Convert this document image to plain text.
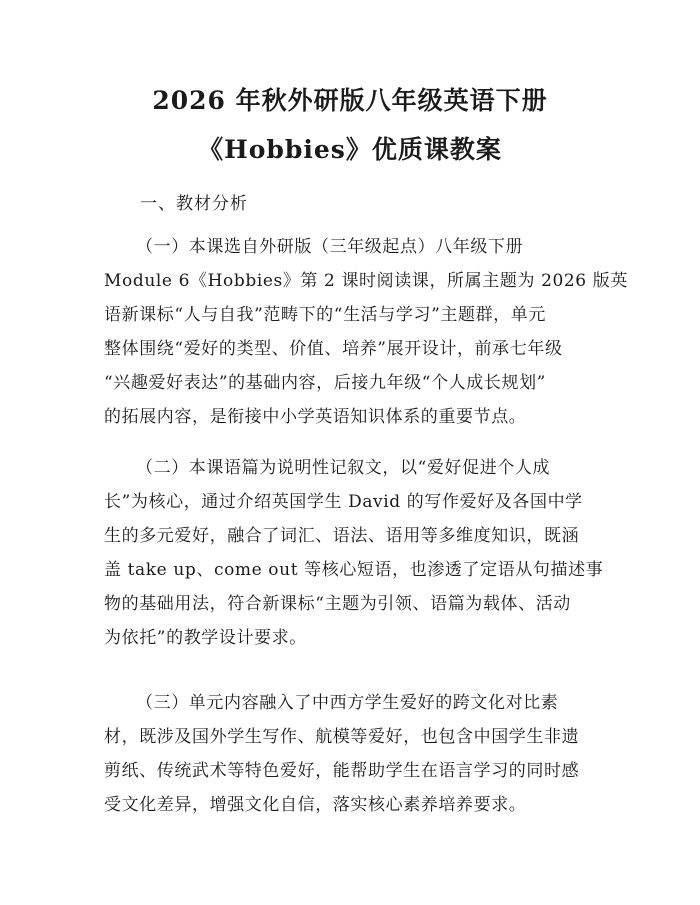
2026 年秋外研版八年级英语下册
《Hobbies》优质课教案
一、教材分析
（一）本课选自外研版（三年级起点）八年级下册
Module 6《Hobbies》第 2 课时阅读课，所属主题为 2026 版英
语新课标“人与自我”范畴下的“生活与学习”主题群，单元
整体围绕“爱好的类型、价值、培养”展开设计，前承七年级
“兴趣爱好表达”的基础内容，后接九年级“个人成长规划”
的拓展内容，是衔接中小学英语知识体系的重要节点。
（二）本课语篇为说明性记叙文，以“爱好促进个人成
长”为核心，通过介绍英国学生 David 的写作爱好及各国中学
生的多元爱好，融合了词汇、语法、语用等多维度知识，既涵
盖 take up、come out 等核心短语，也渗透了定语从句描述事
物的基础用法，符合新课标“主题为引领、语篇为载体、活动
为依托”的教学设计要求。
（三）单元内容融入了中西方学生爱好的跨文化对比素
材，既涉及国外学生写作、航模等爱好，也包含中国学生非遗
剪纸、传统武术等特色爱好，能帮助学生在语言学习的同时感
受文化差异，增强文化自信，落实核心素养培养要求。
